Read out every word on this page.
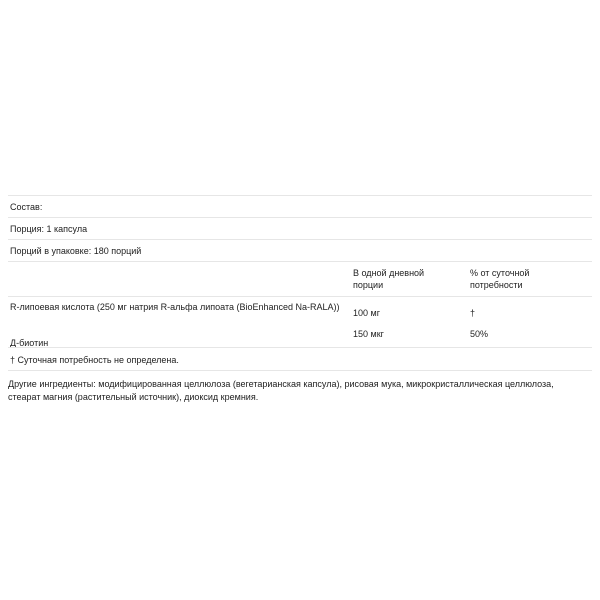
Состав:
Порция: 1 капсула
Порций в упаковке: 180 порций
В одной дневной порции
% от суточной потребности
R-липоевая кислота (250 мг натрия R-альфа липоата (BioEnhanced Na-RALA))
100 мг	†
Д-биотин
150 мкг	50%
† Суточная потребность не определена.
Другие ингредиенты: модифицированная целлюлоза (вегетарианская капсула), рисовая мука, микрокристаллическая целлюлоза, стеарат магния (растительный источник), диоксид кремния.
